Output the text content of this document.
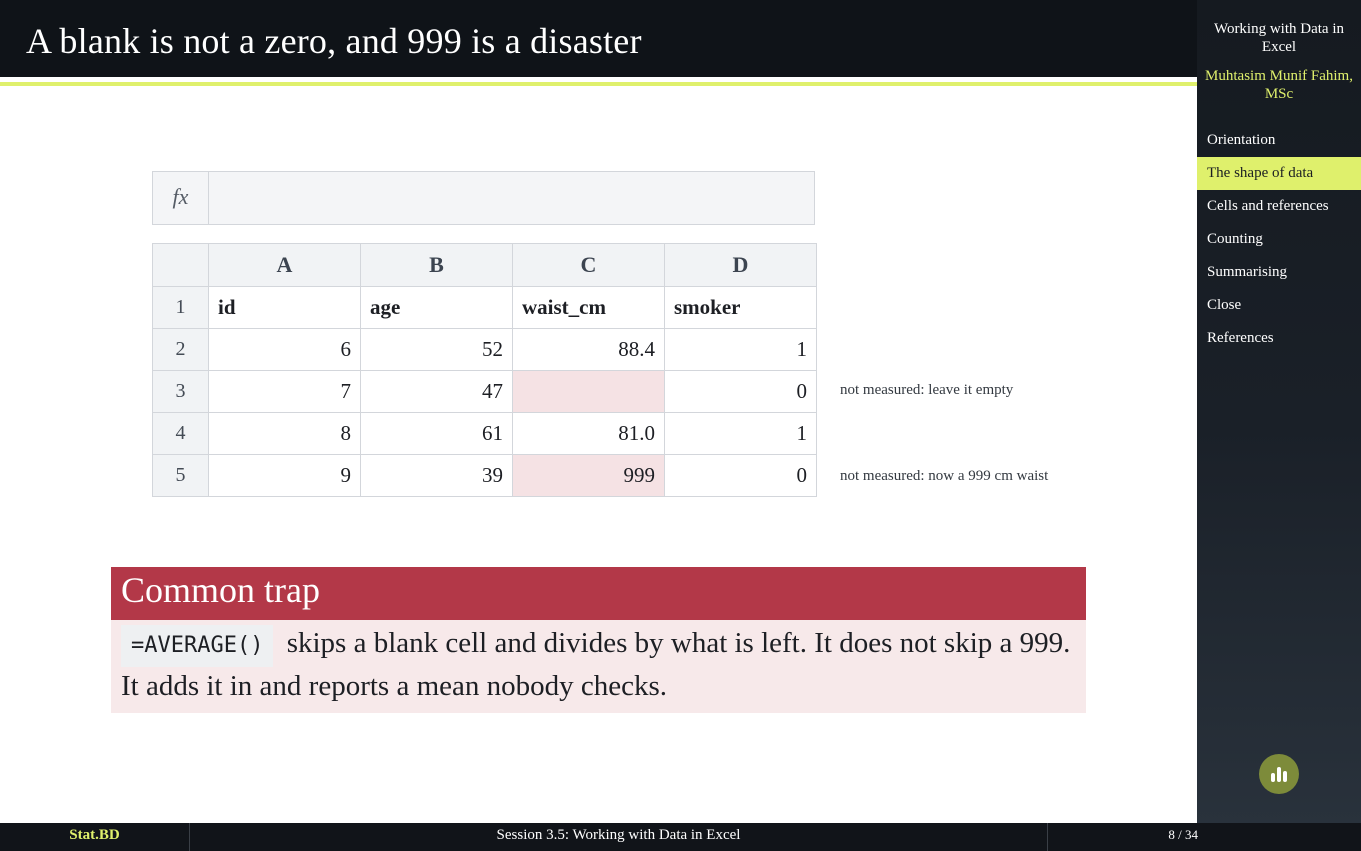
A blank is not a zero, and 999 is a disaster
fx
	A	B	C	D
1	id	age	waist_cm	smoker
2	6	52	88.4	1
3	7	47		0
4	8	61	81.0	1
5	9	39	999	0
not measured: leave it empty
not measured: now a 999 cm waist
Common trap
=AVERAGE() skips a blank cell and divides by what is left. It does not skip a 999. It adds it in and reports a mean nobody checks.
Working with Data in Excel
Muhtasim Munif Fahim, MSc
Orientation
The shape of data
Cells and references
Counting
Summarising
Close
References
Stat.BD	Session 3.5: Working with Data in Excel	8 / 34
